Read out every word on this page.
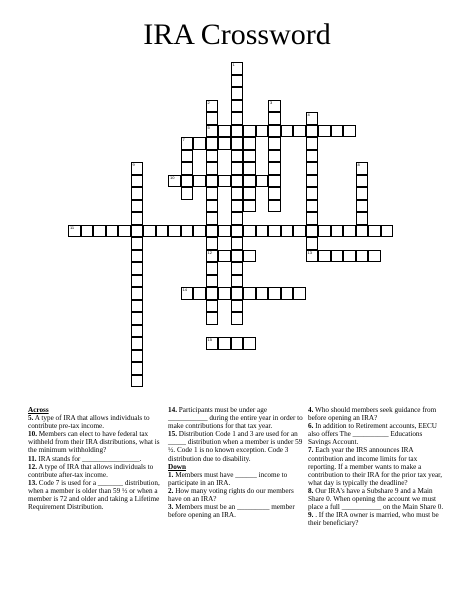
IRA Crossword
1
2
5
12
3
4
13
7
9	8
10
11
14
15
Across
5. A type of IRA that allows individuals to contribute pre-tax income.
10. Members can elect to have federal tax withheld from their IRA distributions, what is the minimum withholding?
11. IRA stands for ________________.
12. A type of IRA that allows individuals to contribute after-tax income.
13. Code 7 is used for a _______ distribution, when a member is older than 59 ½ or when a member is 72 and older and taking a Lifetime Requirement Distribution.
14. Participants must be under age ___________ during the entire year in order to make contributions for that tax year.
15. Distribution Code 1 and 3 are used for an _____ distribution when a member is under 59 ½. Code 1 is no known exception. Code 3 distribution due to disability.
Down
1. Members must have ______ income to participate in an IRA.
2. How many voting rights do our members have on an IRA?
3. Members must be an _________ member before opening an IRA.
4. Who should members seek guidance from before opening an IRA?
6. In addition to Retirement accounts, EECU also offers The __________ Educations Savings Account.
7. Each year the IRS announces IRA contribution and income limits for tax reporting. If a member wants to make a contribution to their IRA for the prior tax year, what day is typically the deadline?
8. Our IRA's have a Subshare 9 and a Main Share 0. When opening the account we must place a full ___________ on the Main Share 0.
9. . If the IRA owner is married, who must be their beneficiary?
